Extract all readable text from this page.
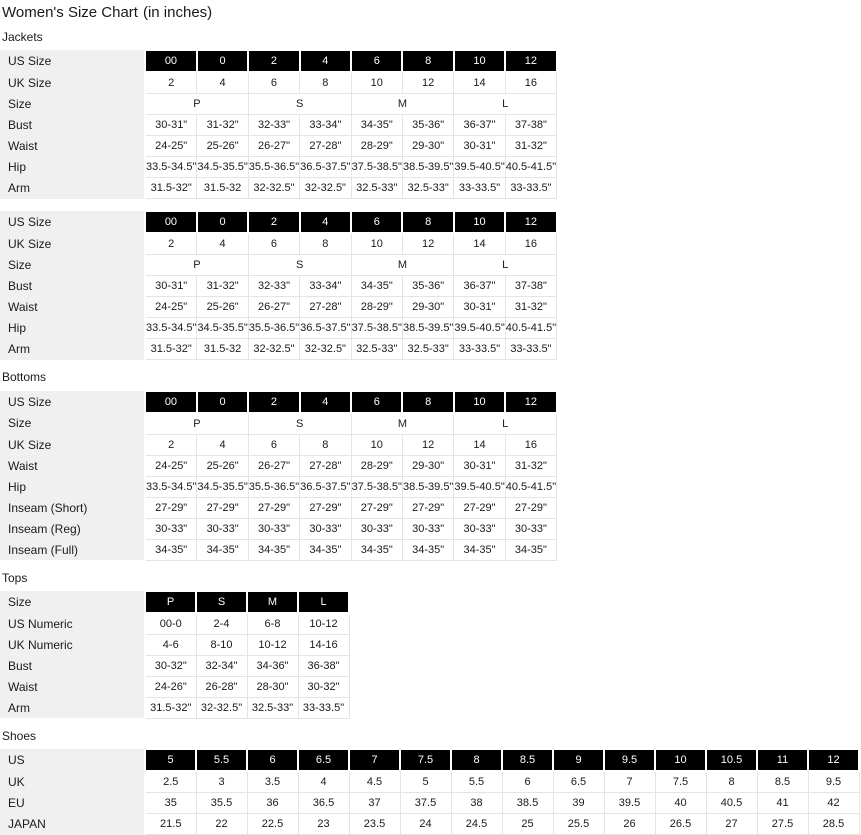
Women's Size Chart (in inches)
Jackets
US Size	00	0	2	4	6	8	10	12
UK Size	2	4	6	8	10	12	14	16
Size	P		S		M		L	
Bust	30-31"	31-32"	32-33"	33-34"	34-35"	35-36"	36-37"	37-38"
Waist	24-25"	25-26"	26-27"	27-28"	28-29"	29-30"	30-31"	31-32"
Hip	33.5-34.5"	34.5-35.5"	35.5-36.5"	36.5-37.5"	37.5-38.5"	38.5-39.5"	39.5-40.5"	40.5-41.5"
Arm	31.5-32"	31.5-32	32-32.5"	32-32.5"	32.5-33"	32.5-33"	33-33.5"	33-33.5"
US Size	00	0	2	4	6	8	10	12
UK Size	2	4	6	8	10	12	14	16
Size	P		S		M		L	
Bust	30-31"	31-32"	32-33"	33-34"	34-35"	35-36"	36-37"	37-38"
Waist	24-25"	25-26"	26-27"	27-28"	28-29"	29-30"	30-31"	31-32"
Hip	33.5-34.5"	34.5-35.5"	35.5-36.5"	36.5-37.5"	37.5-38.5"	38.5-39.5"	39.5-40.5"	40.5-41.5"
Arm	31.5-32"	31.5-32	32-32.5"	32-32.5"	32.5-33"	32.5-33"	33-33.5"	33-33.5"
Bottoms
US Size	00	0	2	4	6	8	10	12
Size	P		S		M		L	
UK Size	2	4	6	8	10	12	14	16
Waist	24-25"	25-26"	26-27"	27-28"	28-29"	29-30"	30-31"	31-32"
Hip	33.5-34.5"	34.5-35.5"	35.5-36.5"	36.5-37.5"	37.5-38.5"	38.5-39.5"	39.5-40.5"	40.5-41.5"
Inseam (Short)	27-29"	27-29"	27-29"	27-29"	27-29"	27-29"	27-29"	27-29"
Inseam (Reg)	30-33"	30-33"	30-33"	30-33"	30-33"	30-33"	30-33"	30-33"
Inseam (Full)	34-35"	34-35"	34-35"	34-35"	34-35"	34-35"	34-35"	34-35"
Tops
Size	P	S	M	L
US Numeric	00-0	2-4	6-8	10-12
UK Numeric	4-6	8-10	10-12	14-16
Bust	30-32"	32-34"	34-36"	36-38"
Waist	24-26"	26-28"	28-30"	30-32"
Arm	31.5-32"	32-32.5"	32.5-33"	33-33.5"
Shoes
US	5	5.5	6	6.5	7	7.5	8	8.5	9	9.5	10	10.5	11	12
UK	2.5	3	3.5	4	4.5	5	5.5	6	6.5	7	7.5	8	8.5	9.5
EU	35	35.5	36	36.5	37	37.5	38	38.5	39	39.5	40	40.5	41	42
JAPAN	21.5	22	22.5	23	23.5	24	24.5	25	25.5	26	26.5	27	27.5	28.5
